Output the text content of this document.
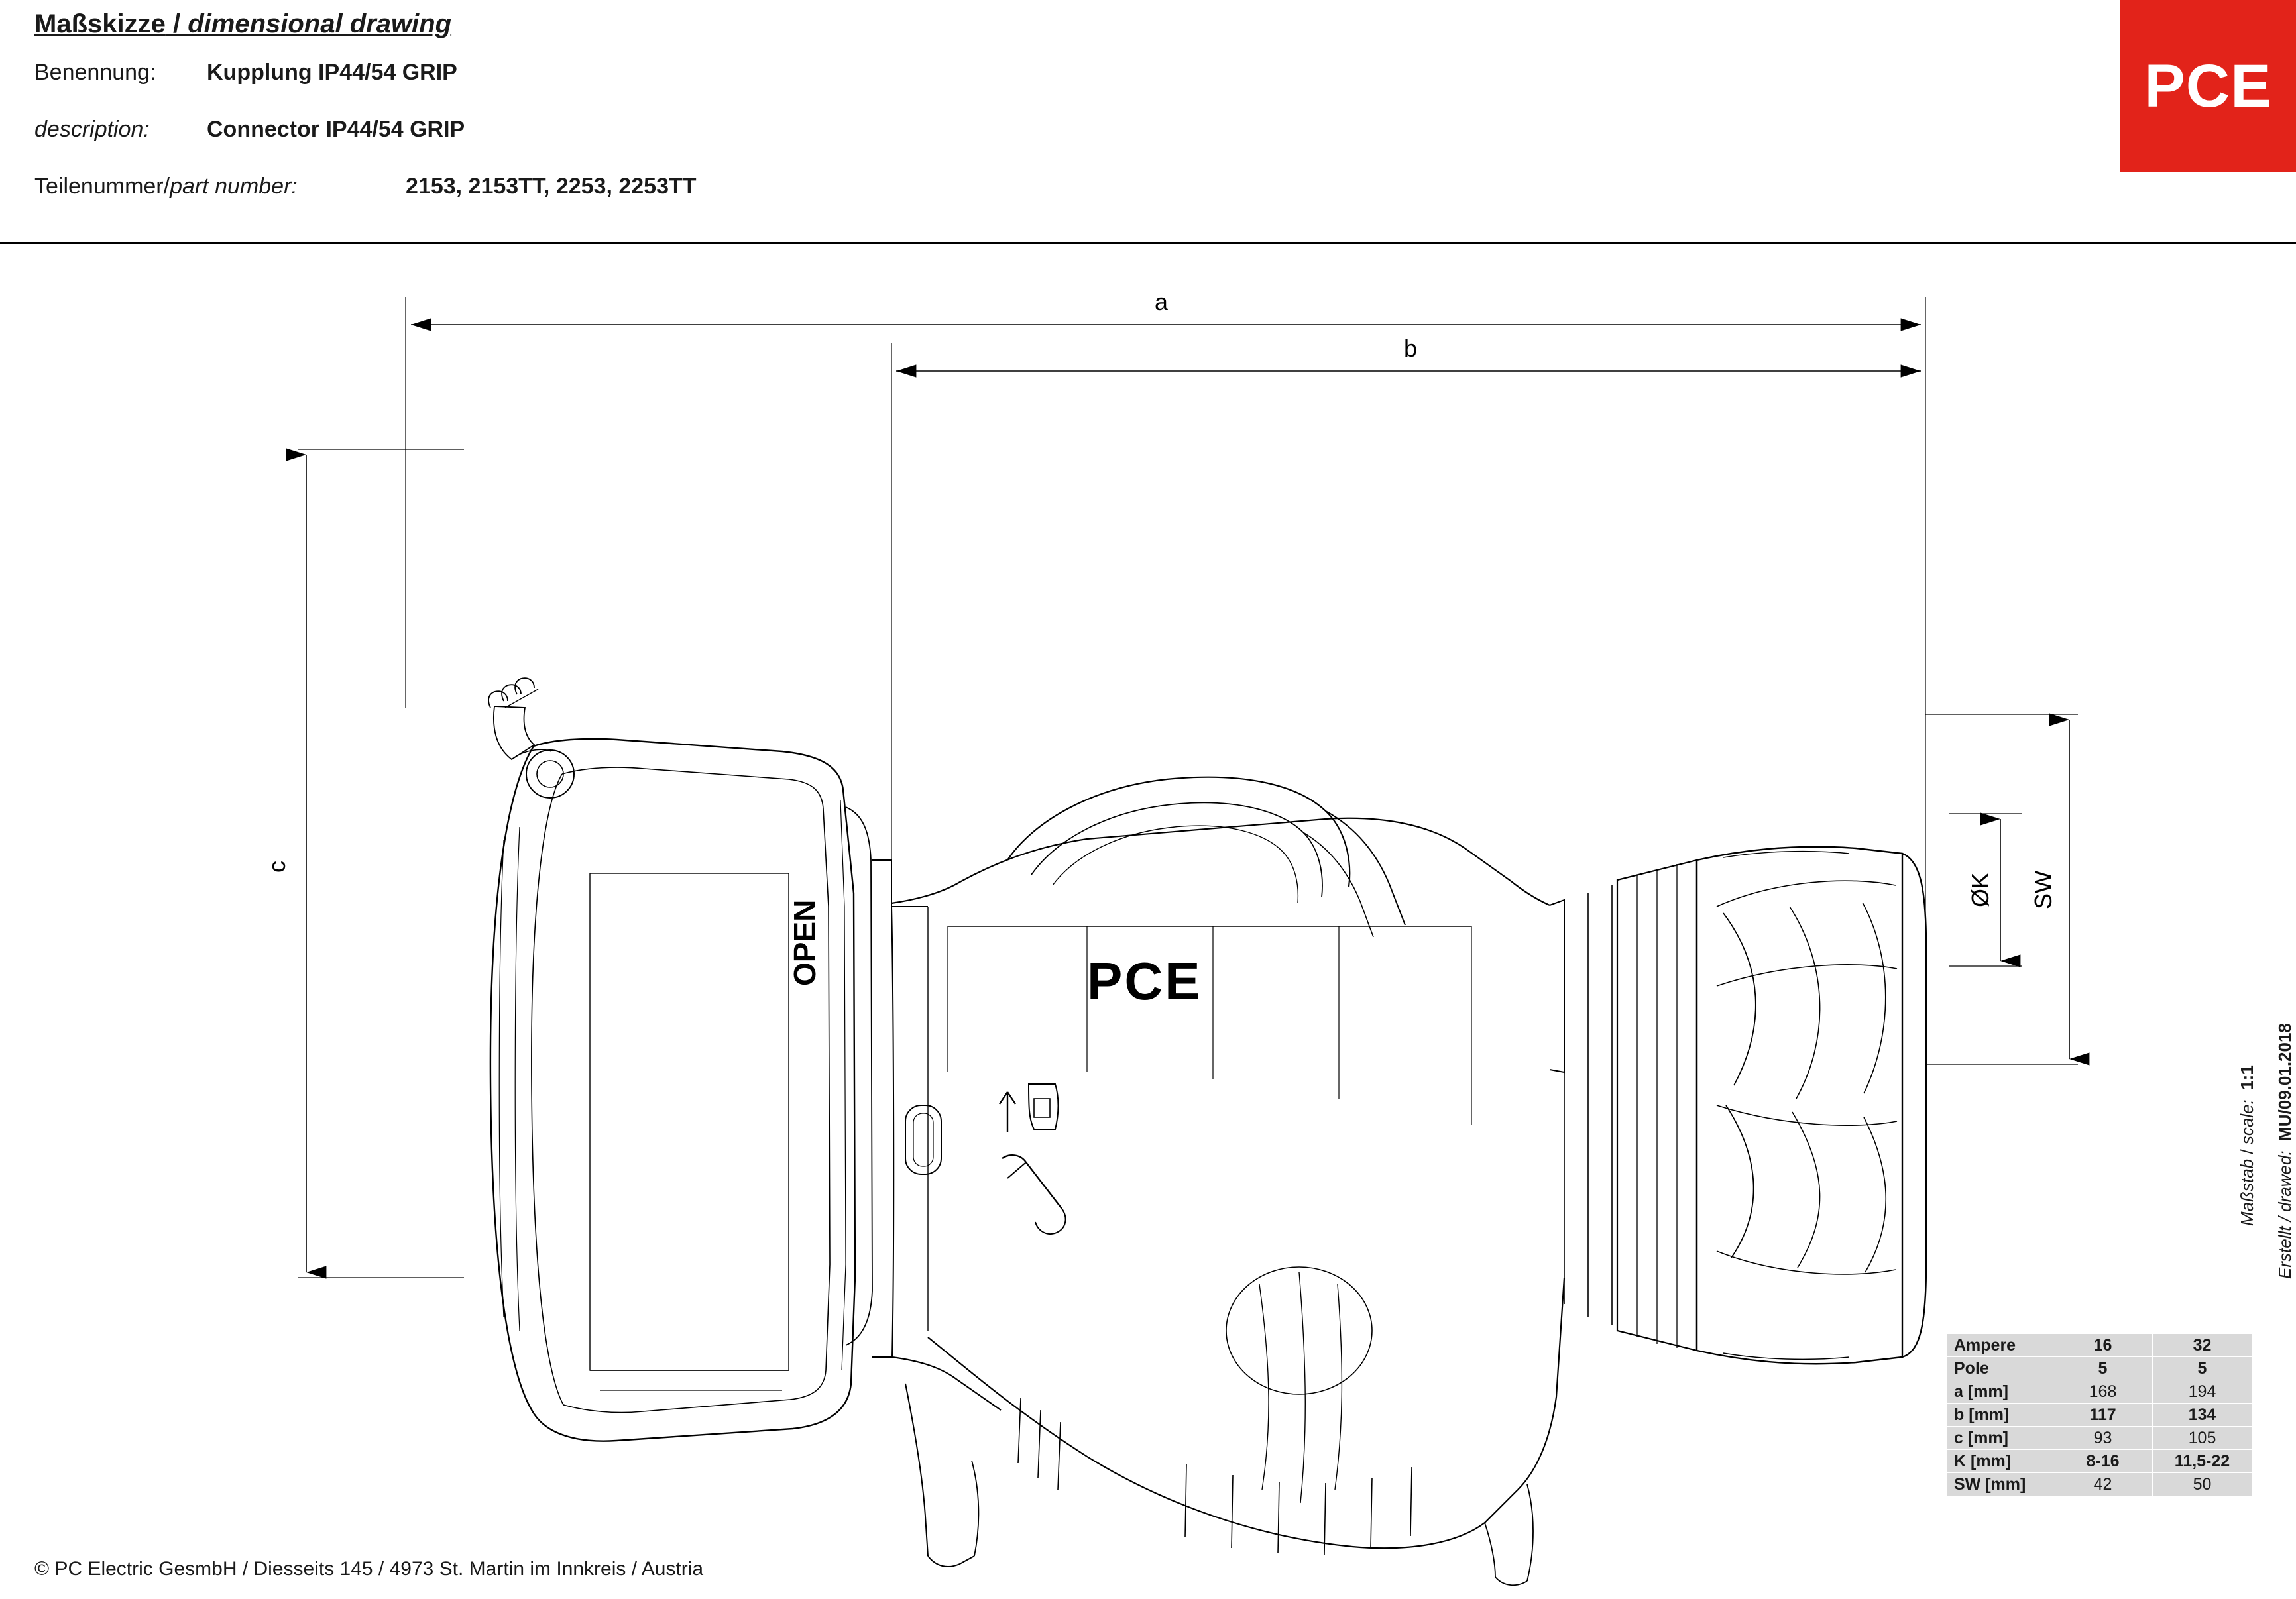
Maßskizze / dimensional drawing
Benennung: Kupplung IP44/54 GRIP
description:	Connector IP44/54 GRIP
Teilenummer/part number:	2153, 2153TT, 2253, 2253TT
PCE
a
b
c
ØK SW
OPEN	PCE
Maßstab / scale:  1:1
Erstellt / drawed:  MU/09.01.2018
Ampere	16	32
Pole	5	5
a [mm]	168	194
b [mm]	117	134
c [mm]	93	105
K [mm]	8-16	11,5-22
SW [mm]	42	50
© PC Electric GesmbH / Diesseits 145 / 4973 St. Martin im Innkreis / Austria
